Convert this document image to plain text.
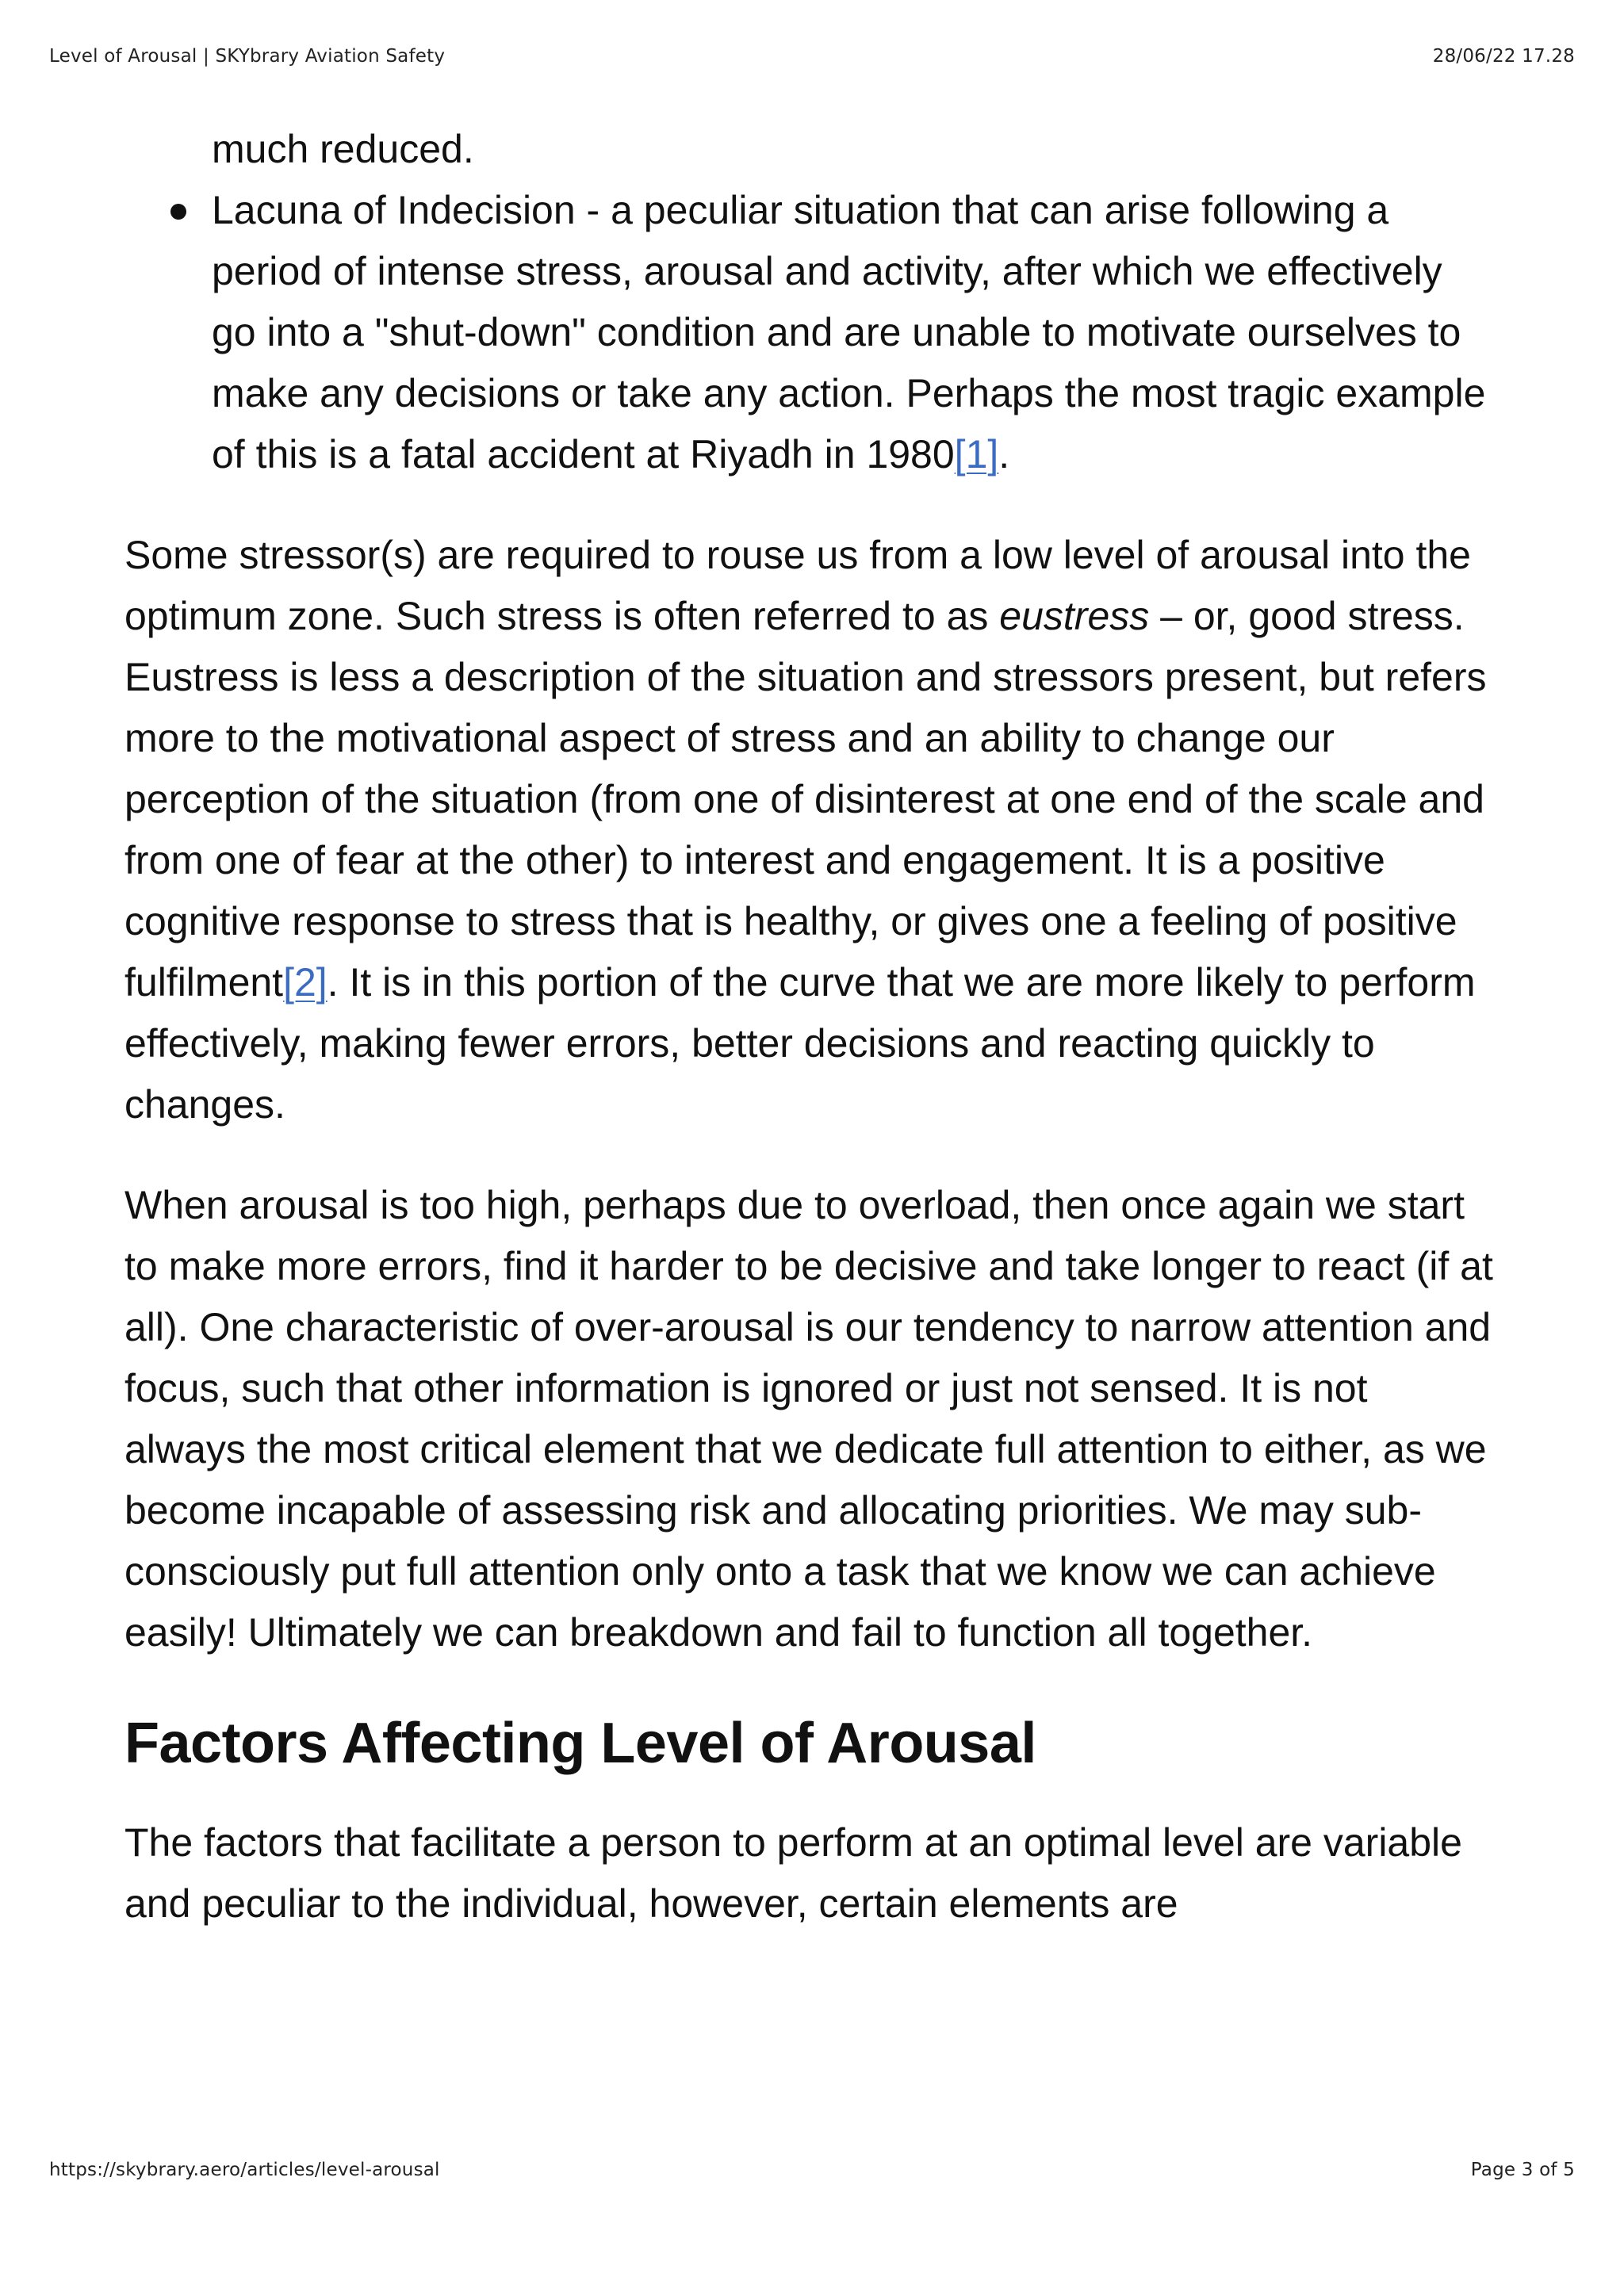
Level of Arousal | SKYbrary Aviation Safety	28/06/22 17.28
much reduced.
Lacuna of Indecision - a peculiar situation that can arise following a period of intense stress, arousal and activity, after which we effectively go into a "shut-down" condition and are unable to motivate ourselves to make any decisions or take any action. Perhaps the most tragic example of this is a fatal accident at Riyadh in 1980[1].

Some stressor(s) are required to rouse us from a low level of arousal into the optimum zone. Such stress is often referred to as eustress – or, good stress. Eustress is less a description of the situation and stressors present, but refers more to the motivational aspect of stress and an ability to change our perception of the situation (from one of disinterest at one end of the scale and from one of fear at the other) to interest and engagement. It is a positive cognitive response to stress that is healthy, or gives one a feeling of positive fulfilment[2]. It is in this portion of the curve that we are more likely to perform effectively, making fewer errors, better decisions and reacting quickly to changes.

When arousal is too high, perhaps due to overload, then once again we start to make more errors, find it harder to be decisive and take longer to react (if at all). One characteristic of over-arousal is our tendency to narrow attention and focus, such that other information is ignored or just not sensed. It is not always the most critical element that we dedicate full attention to either, as we become incapable of assessing risk and allocating priorities. We may sub-consciously put full attention only onto a task that we know we can achieve easily! Ultimately we can breakdown and fail to function all together.

Factors Affecting Level of Arousal

The factors that facilitate a person to perform at an optimal level are variable and peculiar to the individual, however, certain elements are

https://skybrary.aero/articles/level-arousal	Page 3 of 5
